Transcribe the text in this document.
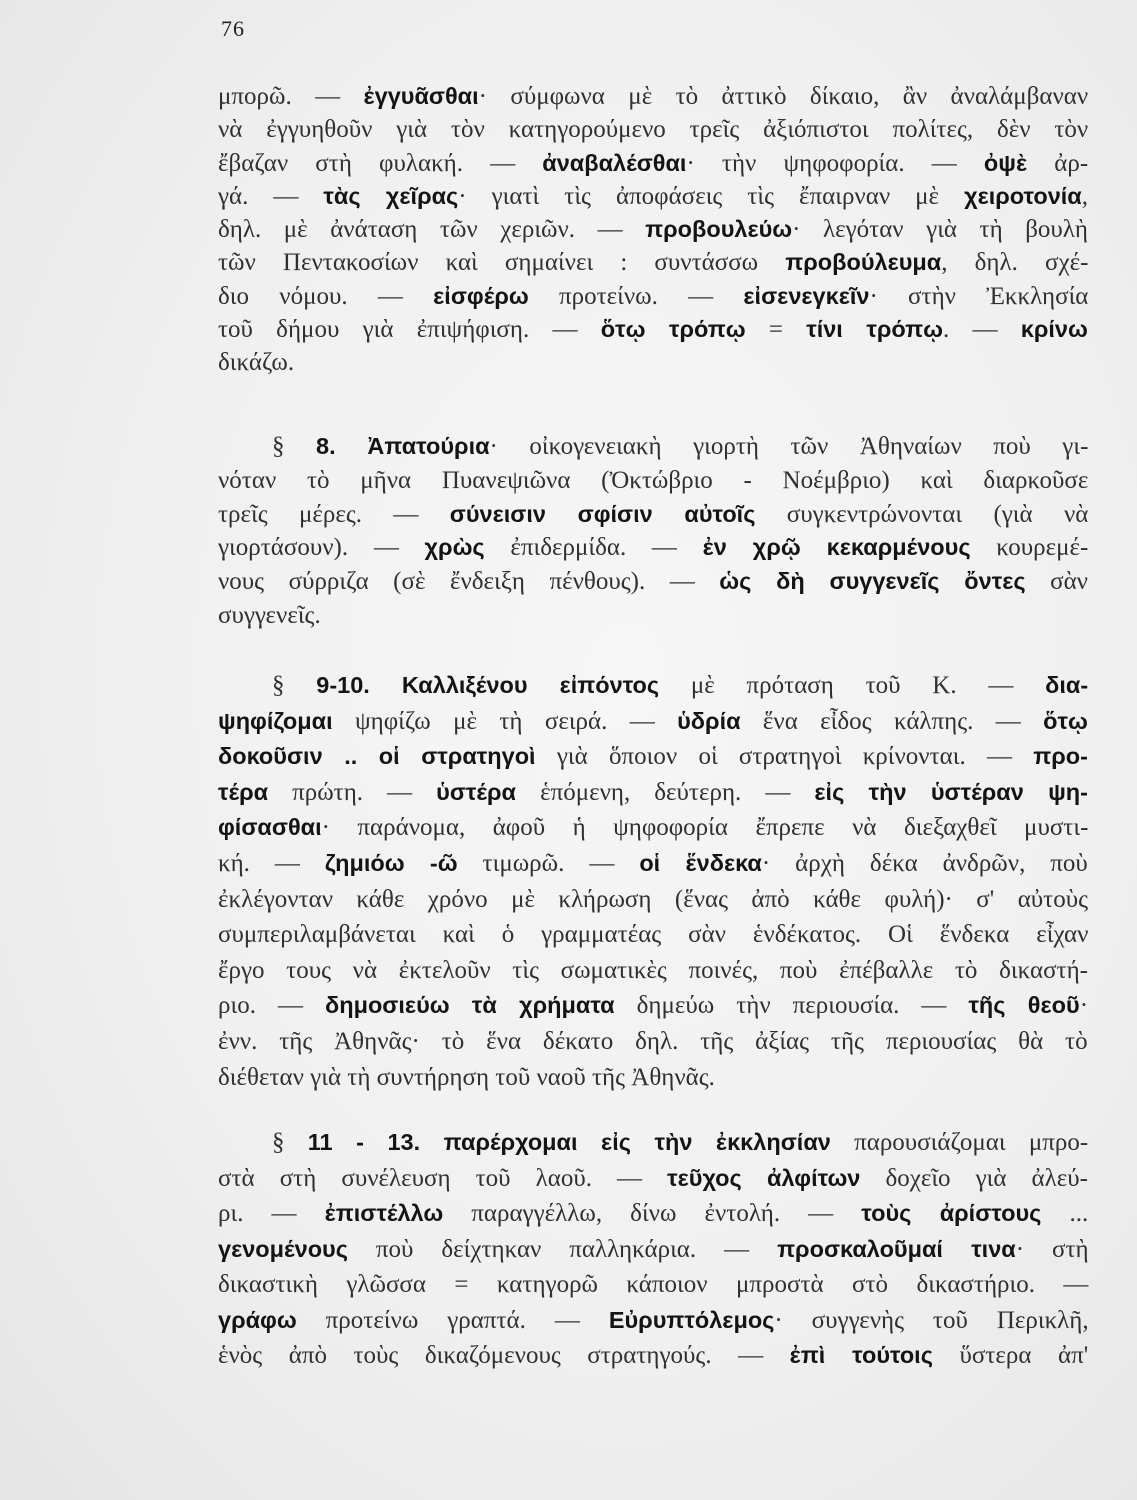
76
μπορῶ. — ἐγγυᾶσθαι· σύμφωνα μὲ τὸ ἀττικὸ δίκαιο, ἂν ἀναλάμβαναν
νὰ ἐγγυηθοῦν γιὰ τὸν κατηγορούμενο τρεῖς ἀξιόπιστοι πολίτες, δὲν τὸν
ἔβαζαν στὴ φυλακή. — ἀναβαλέσθαι· τὴν ψηφοφορία. — ὀψὲ ἀρ-
γά. — τὰς χεῖρας· γιατὶ τὶς ἀποφάσεις τὶς ἔπαιρναν μὲ χειροτονία,
δηλ. μὲ ἀνάταση τῶν χεριῶν. — προβουλεύω· λεγόταν γιὰ τὴ βουλὴ
τῶν Πεντακοσίων καὶ σημαίνει : συντάσσω προβούλευμα, δηλ. σχέ-
διο νόμου. — εἰσφέρω προτείνω. — εἰσενεγκεῖν· στὴν Ἐκκλησία
τοῦ δήμου γιὰ ἐπιψήφιση. — ὅτῳ τρόπῳ = τίνι τρόπῳ. — κρίνω
δικάζω.
§ 8. Ἀπατούρια· οἰκογενειακὴ γιορτὴ τῶν Ἀθηναίων ποὺ γι-
νόταν τὸ μῆνα Πυανεψιῶνα (Ὀκτώβριο - Νοέμβριο) καὶ διαρκοῦσε
τρεῖς μέρες. — σύνεισιν σφίσιν αὐτοῖς συγκεντρώνονται (γιὰ νὰ
γιορτάσουν). — χρὼς ἐπιδερμίδα. — ἐν χρῷ κεκαρμένους κουρεμέ-
νους σύρριζα (σὲ ἔνδειξη πένθους). — ὡς δὴ συγγενεῖς ὄντες σὰν
συγγενεῖς.
§ 9-10. Καλλιξένου εἰπόντος μὲ πρόταση τοῦ Κ. — δια-
ψηφίζομαι ψηφίζω μὲ τὴ σειρά. — ὑδρία ἕνα εἶδος κάλπης. — ὅτῳ
δοκοῦσιν .. οἱ στρατηγοὶ γιὰ ὅποιον οἱ στρατηγοὶ κρίνονται. — προ-
τέρα πρώτη. — ὑστέρα ἑπόμενη, δεύτερη. — εἰς τὴν ὑστέραν ψη-
φίσασθαι· παράνομα, ἀφοῦ ἡ ψηφοφορία ἔπρεπε νὰ διεξαχθεῖ μυστι-
κή. — ζημιόω -ῶ τιμωρῶ. — οἱ ἕνδεκα· ἀρχὴ δέκα ἀνδρῶν, ποὺ
ἐκλέγονταν κάθε χρόνο μὲ κλήρωση (ἕνας ἀπὸ κάθε φυλή)· σ' αὐτοὺς
συμπεριλαμβάνεται καὶ ὁ γραμματέας σὰν ἑνδέκατος. Οἱ ἕνδεκα εἶχαν
ἔργο τους νὰ ἐκτελοῦν τὶς σωματικὲς ποινές, ποὺ ἐπέβαλλε τὸ δικαστή-
ριο. — δημοσιεύω τὰ χρήματα δημεύω τὴν περιουσία. — τῆς θεοῦ·
ἐνν. τῆς Ἀθηνᾶς· τὸ ἕνα δέκατο δηλ. τῆς ἀξίας τῆς περιουσίας θὰ τὸ
διέθεταν γιὰ τὴ συντήρηση τοῦ ναοῦ τῆς Ἀθηνᾶς.
§ 11 - 13. παρέρχομαι εἰς τὴν ἐκκλησίαν παρουσιάζομαι μπρο-
στὰ στὴ συνέλευση τοῦ λαοῦ. — τεῦχος ἀλφίτων δοχεῖο γιὰ ἀλεύ-
ρι. — ἐπιστέλλω παραγγέλλω, δίνω ἐντολή. — τοὺς ἀρίστους ...
γενομένους ποὺ δείχτηκαν παλληκάρια. — προσκαλοῦμαί τινα· στὴ
δικαστικὴ γλῶσσα = κατηγορῶ κάποιον μπροστὰ στὸ δικαστήριο. —
γράφω προτείνω γραπτά. — Εὐρυπτόλεμος· συγγενὴς τοῦ Περικλῆ,
ἑνὸς ἀπὸ τοὺς δικαζόμενους στρατηγούς. — ἐπὶ τούτοις ὕστερα ἀπ'
